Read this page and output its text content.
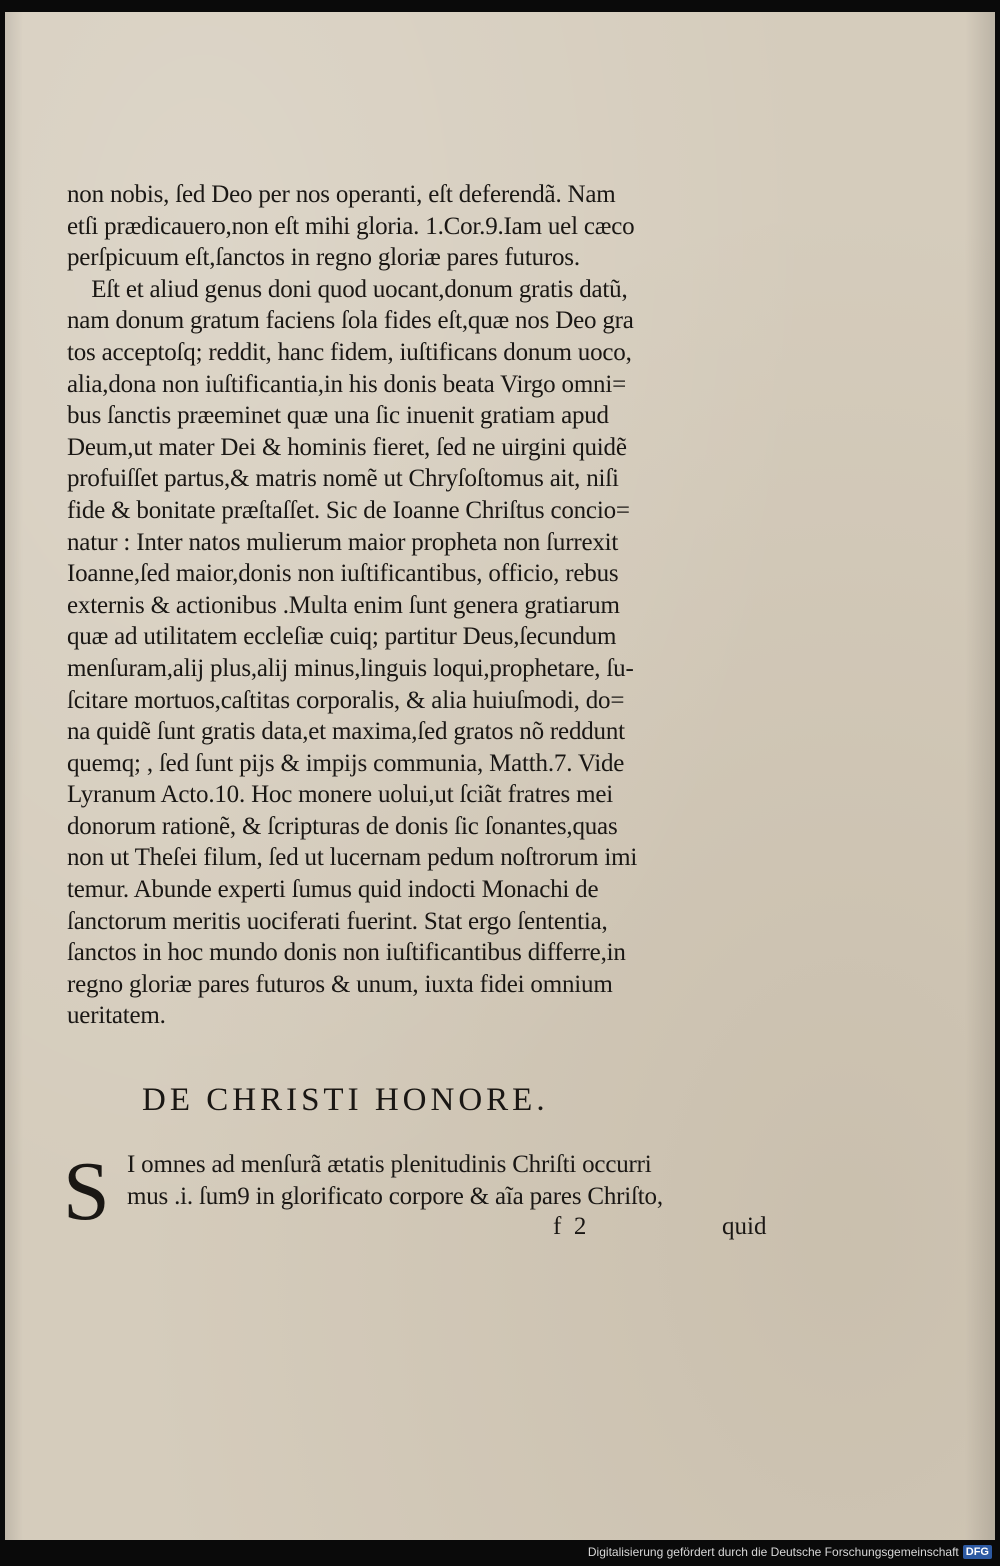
non nobis, ſed Deo per nos operanti, eſt deferendã. Nam
etſi prædicauero,non eſt mihi gloria. 1.Cor.9.Iam uel cæco
perſpicuum eſt,ſanctos in regno gloriæ pares futuros.
Eſt et aliud genus doni quod uocant,donum gratis datũ,
nam donum gratum faciens ſola fides eſt,quæ nos Deo gra
tos acceptoſq; reddit, hanc fidem, iuſtificans donum uoco,
alia,dona non iuſtificantia,in his donis beata Virgo omni=
bus ſanctis præeminet quæ una ſic inuenit gratiam apud
Deum,ut mater Dei & hominis fieret, ſed ne uirgini quidẽ
profuiſſet partus,& matris nomẽ ut Chryſoſtomus ait, niſi
fide & bonitate præſtaſſet. Sic de Ioanne Chriſtus concio=
natur : Inter natos mulierum maior propheta non ſurrexit
Ioanne,ſed maior,donis non iuſtificantibus, officio, rebus
externis & actionibus .Multa enim ſunt genera gratiarum
quæ ad utilitatem eccleſiæ cuiq; partitur Deus,ſecundum
menſuram,alij plus,alij minus,linguis loqui,prophetare, ſu-
ſcitare mortuos,caſtitas corporalis, & alia huiuſmodi, do=
na quidẽ ſunt gratis data,et maxima,ſed gratos nõ reddunt
quemq; , ſed ſunt pijs & impijs communia, Matth.7. Vide
Lyranum Acto.10. Hoc monere uolui,ut ſciãt fratres mei
donorum rationẽ, & ſcripturas de donis ſic ſonantes,quas
non ut Theſei filum, ſed ut lucernam pedum noſtrorum imi
temur. Abunde experti ſumus quid indocti Monachi de
ſanctorum meritis uociferati fuerint. Stat ergo ſententia,
ſanctos in hoc mundo donis non iuſtificantibus differre,in
regno gloriæ pares futuros & unum, iuxta fidei omnium
ueritatem.
DE CHRISTI HONORE.
S I omnes ad menſurã ætatis plenitudinis Chriſti occurri
mus .i. ſum9 in glorificato corpore & aĩa pares Chriſto,
f  2	quid
Digitalisierung gefördert durch die Deutsche Forschungsgemeinschaft DFG
